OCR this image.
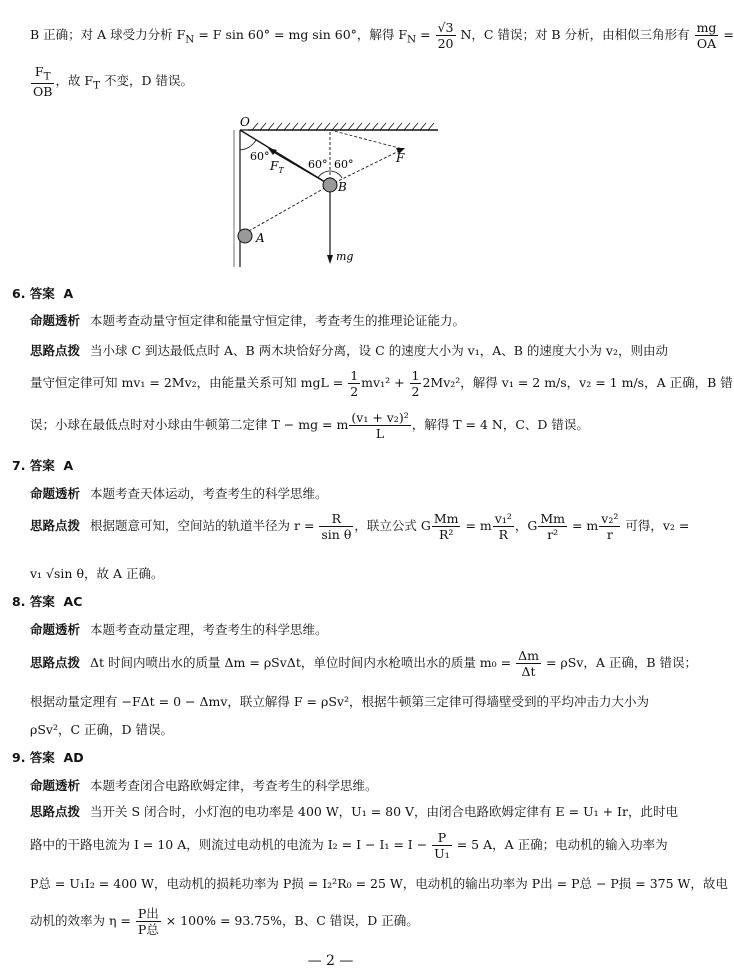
B 正确；对 A 球受力分析 $F_N = F$ sin 60° = mg sin 60°，解得 $F_N = \frac{√3}{20}$ N，C 错误；对 B 分析，由相似三角形有 $\frac{mg}{OA}$ =
$\frac{F_T}{OB}$ ，故 $F_T$ 不变，D 错误。
O
A
B
F
$F_T$
mg
60°
60° 60°
6. 答案 A
命题透析 本题考查动量守恒定律和能量守恒定律，考查考生的推理论证能力。
思路点拨 当小球 C 到达最低点时 A、B 两木块恰好分离，设 C 的速度大小为 v₁，A、B 的速度大小为 v₂，则由动
量守恒定律可知 mv₁ = 2Mv₂，由能量关系可知 mgL = $\frac{1}{2} mv_1^2 + \frac{1}{2} 2Mv_2^2$，解得 v₁ = 2 m/s，v₂ = 1 m/s，A 正确，B 错
误；小球在最低点时对小球由牛顿第二定律 T − mg = m $\frac{\text{(v₁ + v₂)²}}{L}$ ，解得 T = 4 N，C、D 错误。
7. 答案 A
命题透析 本题考查天体运动，考查考生的科学思维。
思路点拨 根据题意可知，空间站的轨道半径为 $r = \frac{R}{\text{sin θ}}$ ，联立公式 G $\frac{Mm}{\text{R²}} = m \frac{\text{v₁²}}{R}$ ，G $\frac{Mm}{\text{r²}} = m \frac{\text{v₂²}}{r}$ 可得，v₂ =
v₁ √sin θ，故 A 正确。
8. 答案 AC
命题透析 本题考查动量定理，考查考生的科学思维。
思路点拨 Δt 时间内喷出水的质量 Δm = ρSvΔt，单位时间内水枪喷出水的质量 $m_0 = \frac{\Delta m}{\Delta t} = \rho Sv$，A 正确，B 错误；
根据动量定理有 −FΔt = 0 − Δmv，联立解得 F = ρSv²，根据牛顿第三定律可得墙壁受到的平均冲击力大小为
ρSv²，C 正确，D 错误。
9. 答案 AD
命题透析 本题考查闭合电路欧姆定律，考查考生的科学思维。
思路点拨 当开关 S 闭合时，小灯泡的电功率是 400 W，U₁ = 80 V，由闭合电路欧姆定律有 E = U₁ + Ir，此时电
路中的干路电流为 I = 10 A，则流过电动机的电流为 $I_2 = I - I_1 = I - \frac{P}{\text{U₁}} = 5$ A，A 正确；电动机的输入功率为
P总 = U₁I₂ = 400 W，电动机的损耗功率为 P损 = I₂²R₀ = 25 W，电动机的输出功率为 P出 = P总 − P损 = 375 W，故电
动机的效率为 $\eta = \frac{\text{P出}}{\text{P总}} \times 100\% = 93.75\%$，B、C 错误，D 正确。
— 2 —
